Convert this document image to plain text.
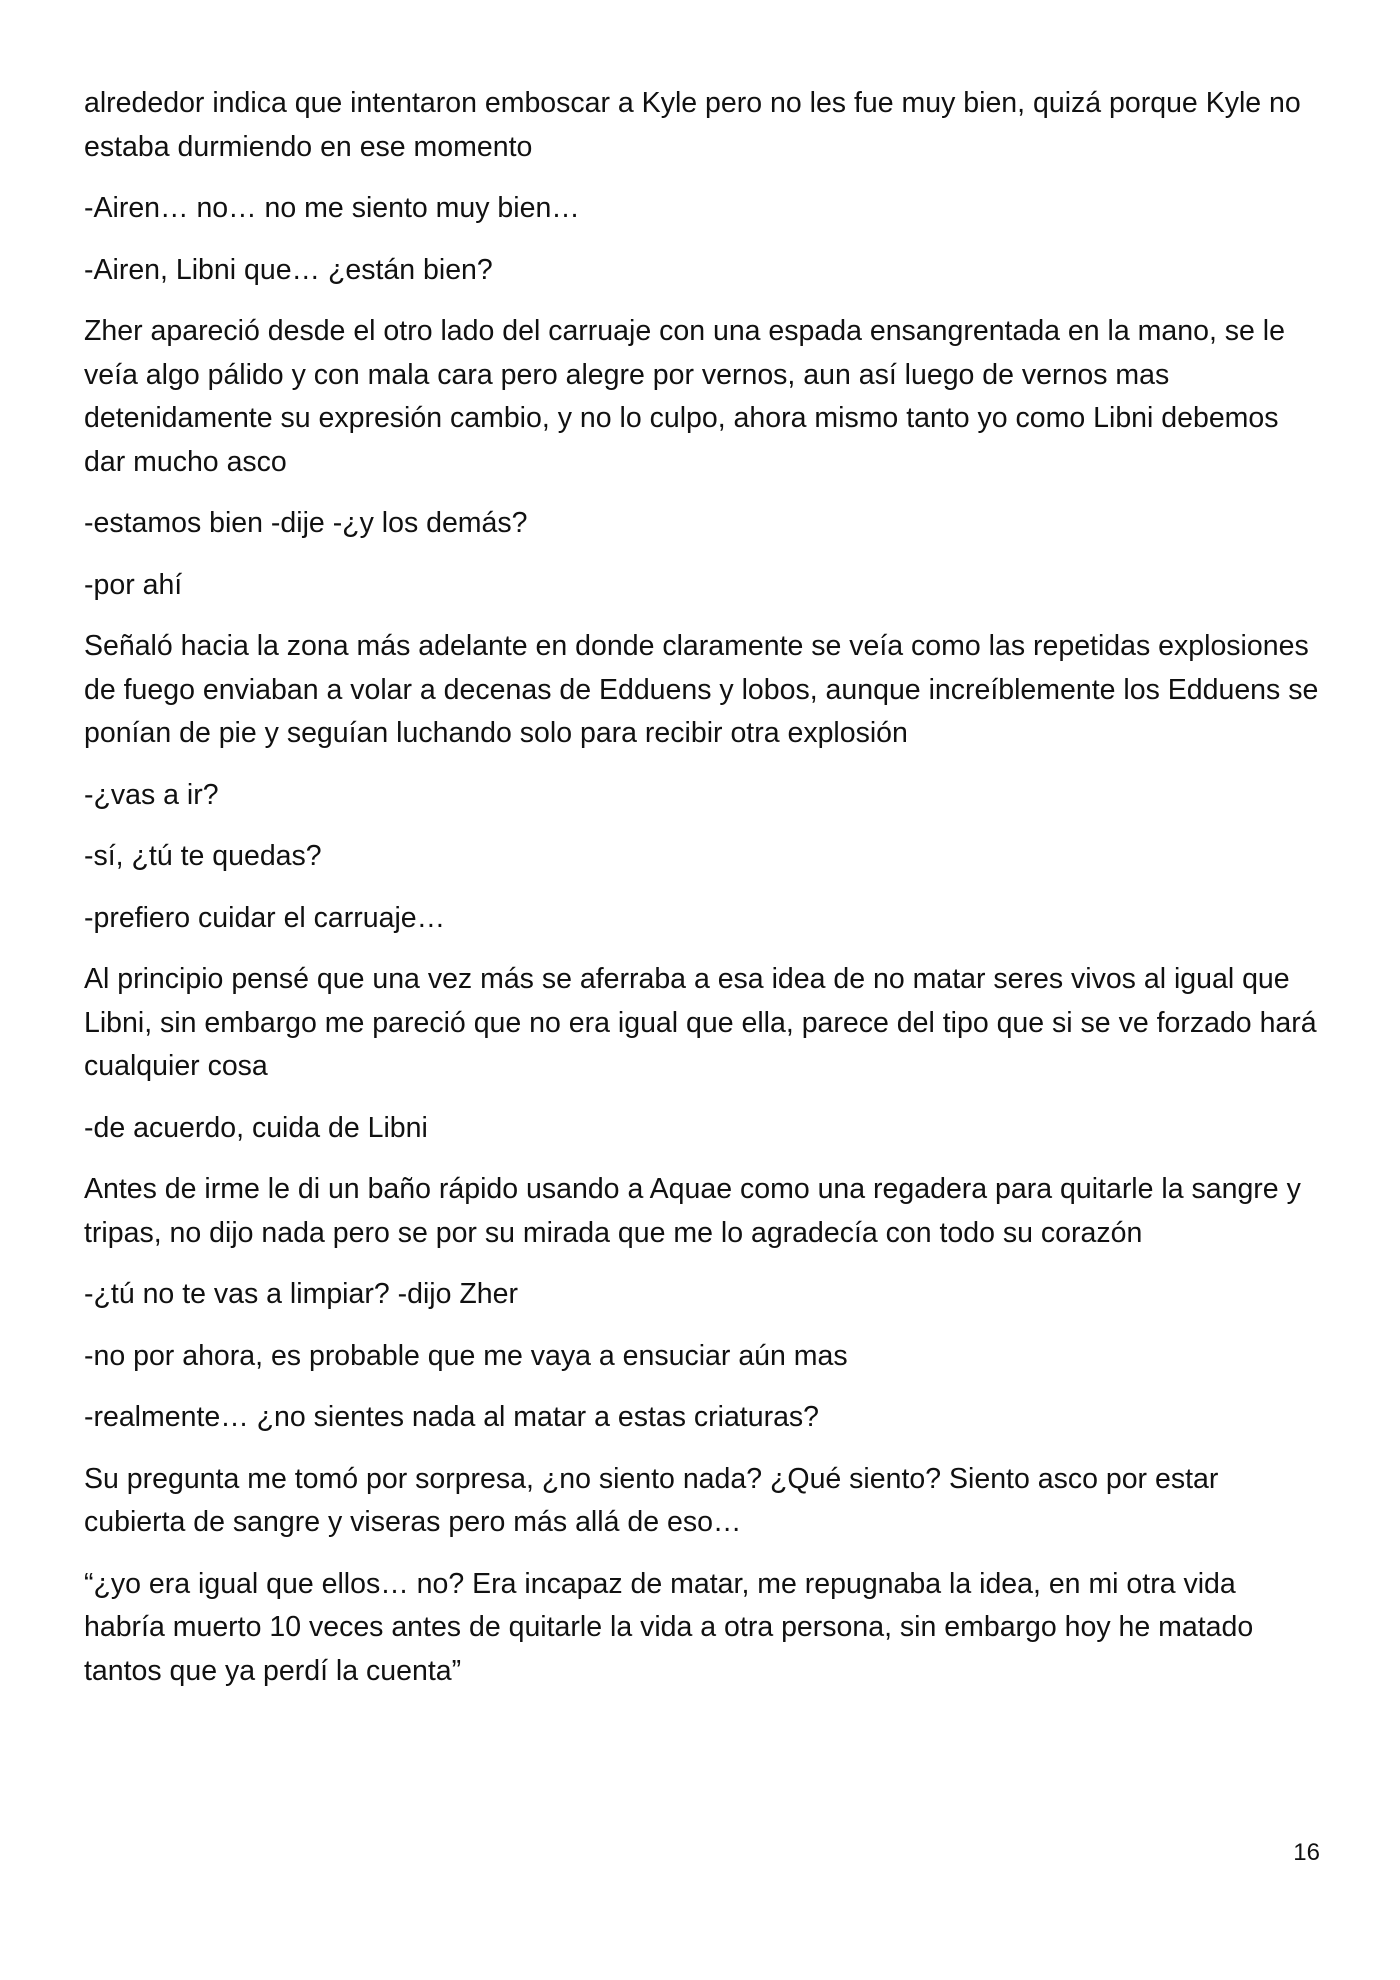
alrededor indica que intentaron emboscar a Kyle pero no les fue muy bien, quizá porque Kyle no estaba durmiendo en ese momento

-Airen… no… no me siento muy bien…

-Airen, Libni que… ¿están bien?

Zher apareció desde el otro lado del carruaje con una espada ensangrentada en la mano, se le veía algo pálido y con mala cara pero alegre por vernos, aun así luego de vernos mas detenidamente su expresión cambio, y no lo culpo, ahora mismo tanto yo como Libni debemos dar mucho asco

-estamos bien -dije -¿y los demás?

-por ahí

Señaló hacia la zona más adelante en donde claramente se veía como las repetidas explosiones de fuego enviaban a volar a decenas de Edduens y lobos, aunque increíblemente los Edduens se ponían de pie y seguían luchando solo para recibir otra explosión

-¿vas a ir?

-sí, ¿tú te quedas?

-prefiero cuidar el carruaje…

Al principio pensé que una vez más se aferraba a esa idea de no matar seres vivos al igual que Libni, sin embargo me pareció que no era igual que ella, parece del tipo que si se ve forzado hará cualquier cosa

-de acuerdo, cuida de Libni

Antes de irme le di un baño rápido usando a Aquae como una regadera para quitarle la sangre y tripas, no dijo nada pero se por su mirada que me lo agradecía con todo su corazón

-¿tú no te vas a limpiar? -dijo Zher

-no por ahora, es probable que me vaya a ensuciar aún mas

-realmente… ¿no sientes nada al matar a estas criaturas?

Su pregunta me tomó por sorpresa, ¿no siento nada? ¿Qué siento? Siento asco por estar cubierta de sangre y viseras pero más allá de eso…

“¿yo era igual que ellos… no? Era incapaz de matar, me repugnaba la idea, en mi otra vida habría muerto 10 veces antes de quitarle la vida a otra persona, sin embargo hoy he matado tantos que ya perdí la cuenta”

16
